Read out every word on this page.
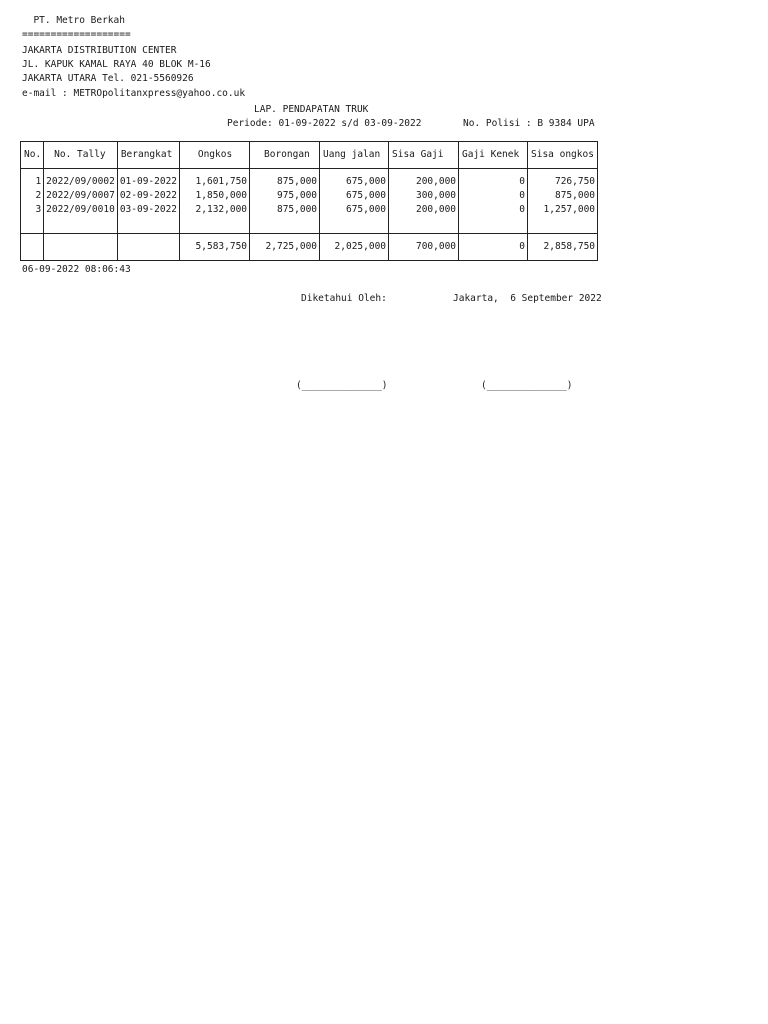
PT. Metro Berkah
===================
JAKARTA DISTRIBUTION CENTER
JL. KAPUK KAMAL RAYA 40 BLOK M-16
JAKARTA UTARA Tel. 021-5560926
e-mail : METROpolitanxpress@yahoo.co.uk
LAP. PENDAPATAN TRUK
Periode: 01-09-2022 s/d 03-09-2022	No. Polisi : B 9384 UPA
No.	No. Tally	Berangkat	Ongkos	Borongan	Uang jalan	Sisa Gaji	Gaji Kenek	Sisa ongkos
1	2022/09/0002	01-09-2022	1,601,750	875,000	675,000	200,000	0	726,750
2	2022/09/0007	02-09-2022	1,850,000	975,000	675,000	300,000	0	875,000
3	2022/09/0010	03-09-2022	2,132,000	875,000	675,000	200,000	0	1,257,000
			5,583,750	2,725,000	2,025,000	700,000	0	2,858,750
06-09-2022 08:06:43
Diketahui Oleh:	Jakarta,  6 September 2022
(______________)	(______________)
